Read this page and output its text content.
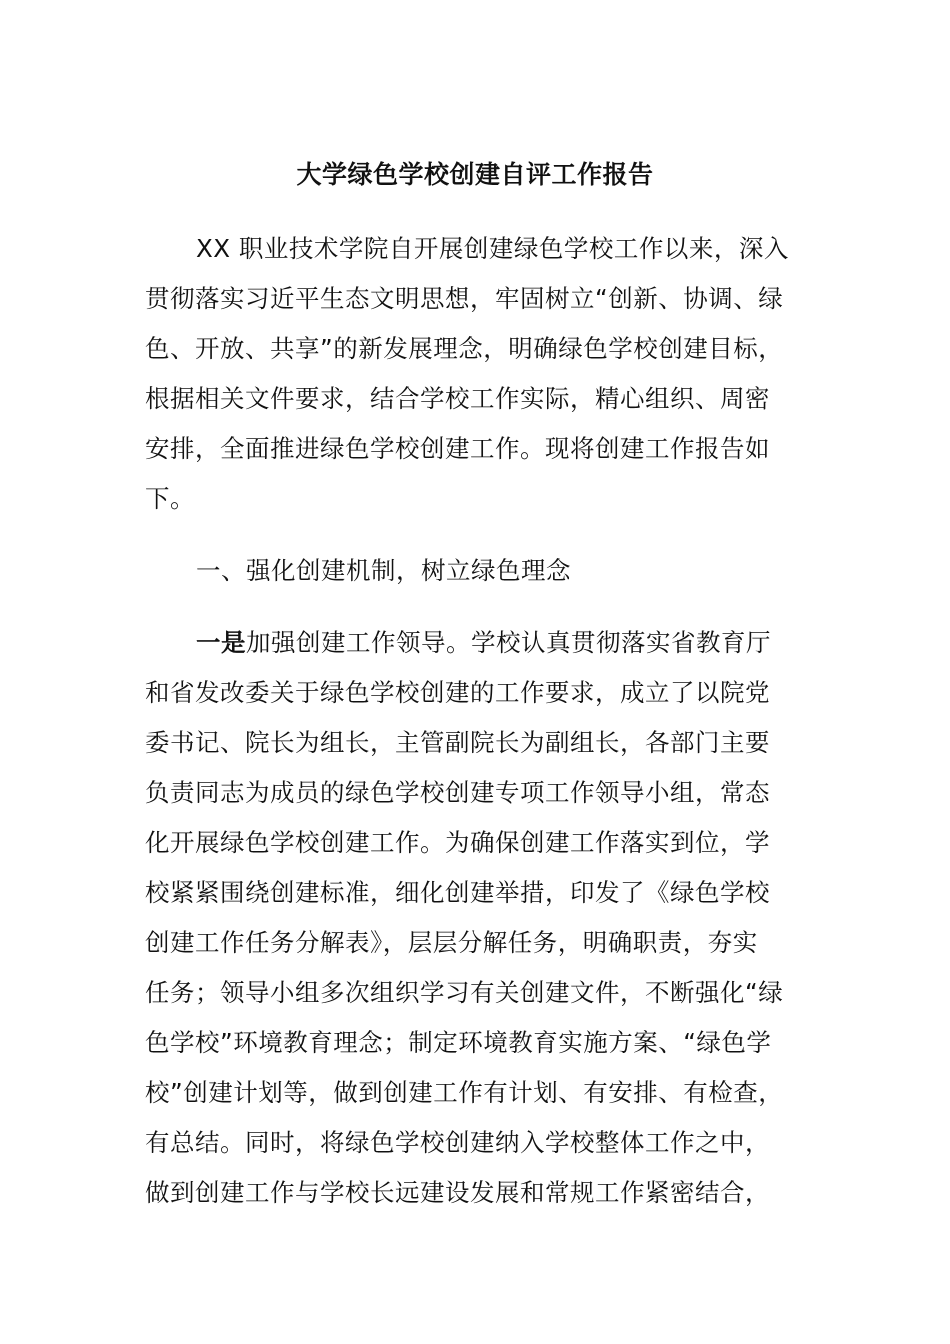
大学绿色学校创建自评工作报告
XX 职业技术学院自开展创建绿色学校工作以来，深入
贯彻落实习近平生态文明思想，牢固树立“创新、协调、绿
色、开放、共享”的新发展理念，明确绿色学校创建目标，
根据相关文件要求，结合学校工作实际，精心组织、周密
安排，全面推进绿色学校创建工作。现将创建工作报告如
下。
一、强化创建机制，树立绿色理念
一是加强创建工作领导。学校认真贯彻落实省教育厅
和省发改委关于绿色学校创建的工作要求，成立了以院党
委书记、院长为组长，主管副院长为副组长，各部门主要
负责同志为成员的绿色学校创建专项工作领导小组，常态
化开展绿色学校创建工作。为确保创建工作落实到位，学
校紧紧围绕创建标准，细化创建举措，印发了《绿色学校
创建工作任务分解表》，层层分解任务，明确职责，夯实
任务；领导小组多次组织学习有关创建文件，不断强化“绿
色学校”环境教育理念；制定环境教育实施方案、“绿色学
校”创建计划等，做到创建工作有计划、有安排、有检查，
有总结。同时，将绿色学校创建纳入学校整体工作之中，
做到创建工作与学校长远建设发展和常规工作紧密结合，
